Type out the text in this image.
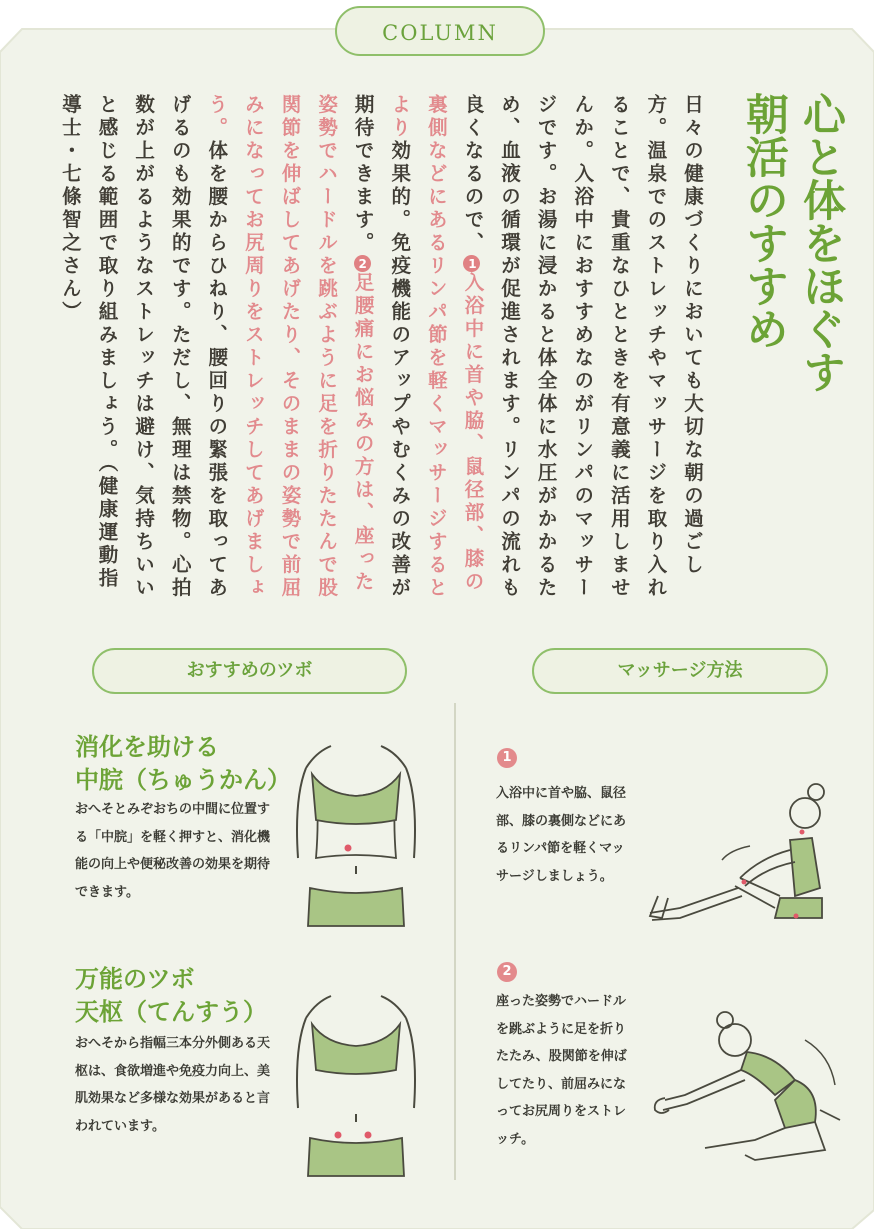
COLUMN
心と体をほぐす
朝活のすすめ

日々の健康づくりにおいても大切な朝の過ごし方。温泉でのストレッチやマッサージを取り入れることで、貴重なひとときを有意義に活用しませんか。入浴中におすすめなのがリンパのマッサージです。お湯に浸かると体全体に水圧がかかるため、血液の循環が促進されます。リンパの流れも良くなるので、1入浴中に首や脇、鼠径部、膝の裏側などにあるリンパ節を軽くマッサージするとより効果的。免疫機能のアップやむくみの改善が期待できます。2足腰痛にお悩みの方は、座った姿勢でハードルを跳ぶように足を折りたたんで股関節を伸ばしてあげたり、そのままの姿勢で前屈みになってお尻周りをストレッチしてあげましょう。体を腰からひねり、腰回りの緊張を取ってあげるのも効果的です。ただし、無理は禁物。心拍数が上がるようなストレッチは避け、気持ちいいと感じる範囲で取り組みましょう。（健康運動指導士・七條智之さん）

おすすめのツボ	マッサージ方法
消化を助ける
中脘（ちゅうかん）

おへそとみぞおちの中間に位置する「中脘」を軽く押すと、消化機能の向上や便秘改善の効果を期待できます。

万能のツボ
天枢（てんすう）

おへそから指幅三本分外側ある天枢は、食欲増進や免疫力向上、美肌効果など多様な効果があると言われています。

1

入浴中に首や脇、鼠径部、膝の裏側などにあるリンパ節を軽くマッサージしましょう。

2

座った姿勢でハードルを跳ぶように足を折りたたみ、股関節を伸ばしてたり、前屈みになってお尻周りをストレッチ。
